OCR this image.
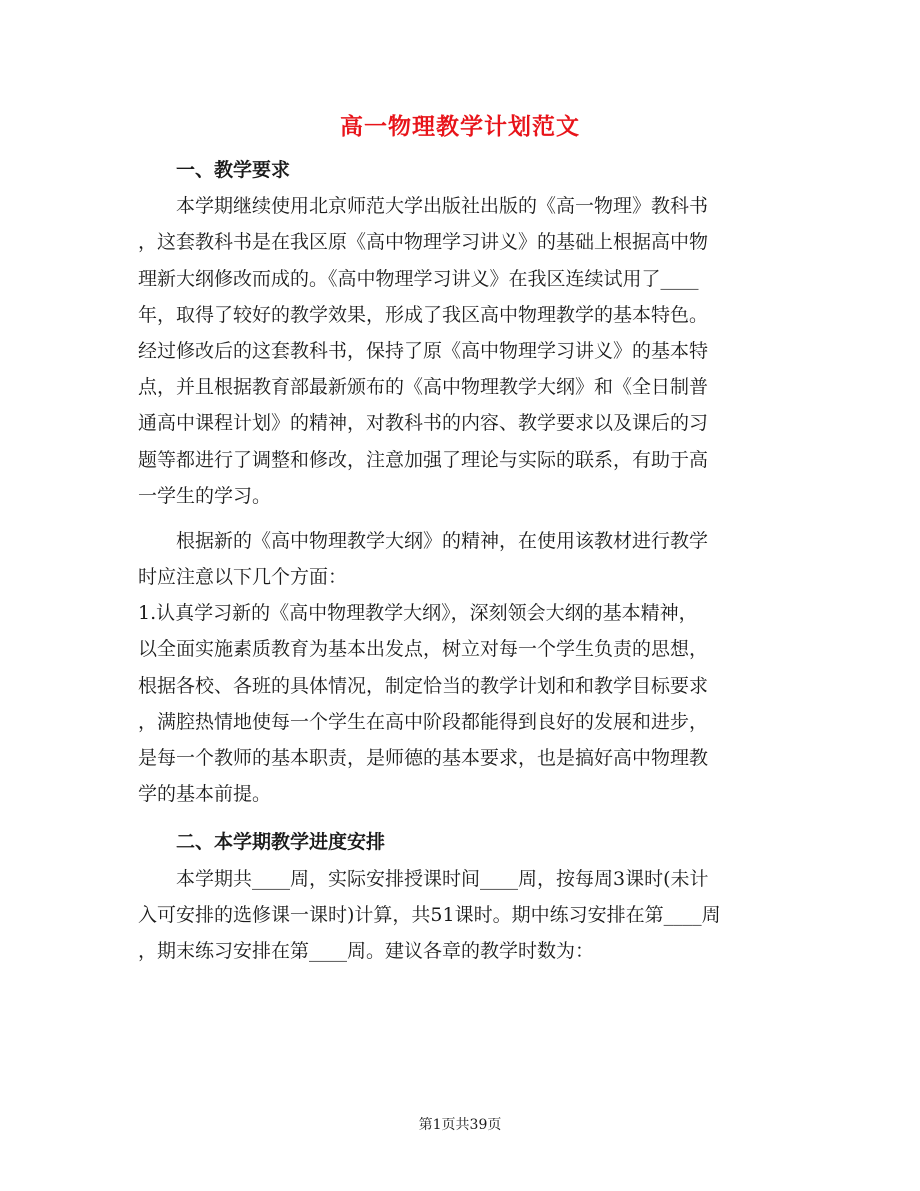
高一物理教学计划范文
一、教学要求
本学期继续使用北京师范大学出版社出版的《高一物理》教科书
，这套教科书是在我区原《高中物理学习讲义》的基础上根据高中物
理新大纲修改而成的。《高中物理学习讲义》在我区连续试用了____
年，取得了较好的教学效果，形成了我区高中物理教学的基本特色。
经过修改后的这套教科书，保持了原《高中物理学习讲义》的基本特
点，并且根据教育部最新颁布的《高中物理教学大纲》和《全日制普
通高中课程计划》的精神，对教科书的内容、教学要求以及课后的习
题等都进行了调整和修改，注意加强了理论与实际的联系，有助于高
一学生的学习。
根据新的《高中物理教学大纲》的精神，在使用该教材进行教学
时应注意以下几个方面：
1.认真学习新的《高中物理教学大纲》，深刻领会大纲的基本精神，
以全面实施素质教育为基本出发点，树立对每一个学生负责的思想，
根据各校、各班的具体情况，制定恰当的教学计划和和教学目标要求
，满腔热情地使每一个学生在高中阶段都能得到良好的发展和进步，
是每一个教师的基本职责，是师德的基本要求，也是搞好高中物理教
学的基本前提。
二、本学期教学进度安排
本学期共____周，实际安排授课时间____周，按每周3课时(未计
入可安排的选修课一课时)计算，共51课时。期中练习安排在第____周
，期末练习安排在第____周。建议各章的教学时数为：
第1页共39页
